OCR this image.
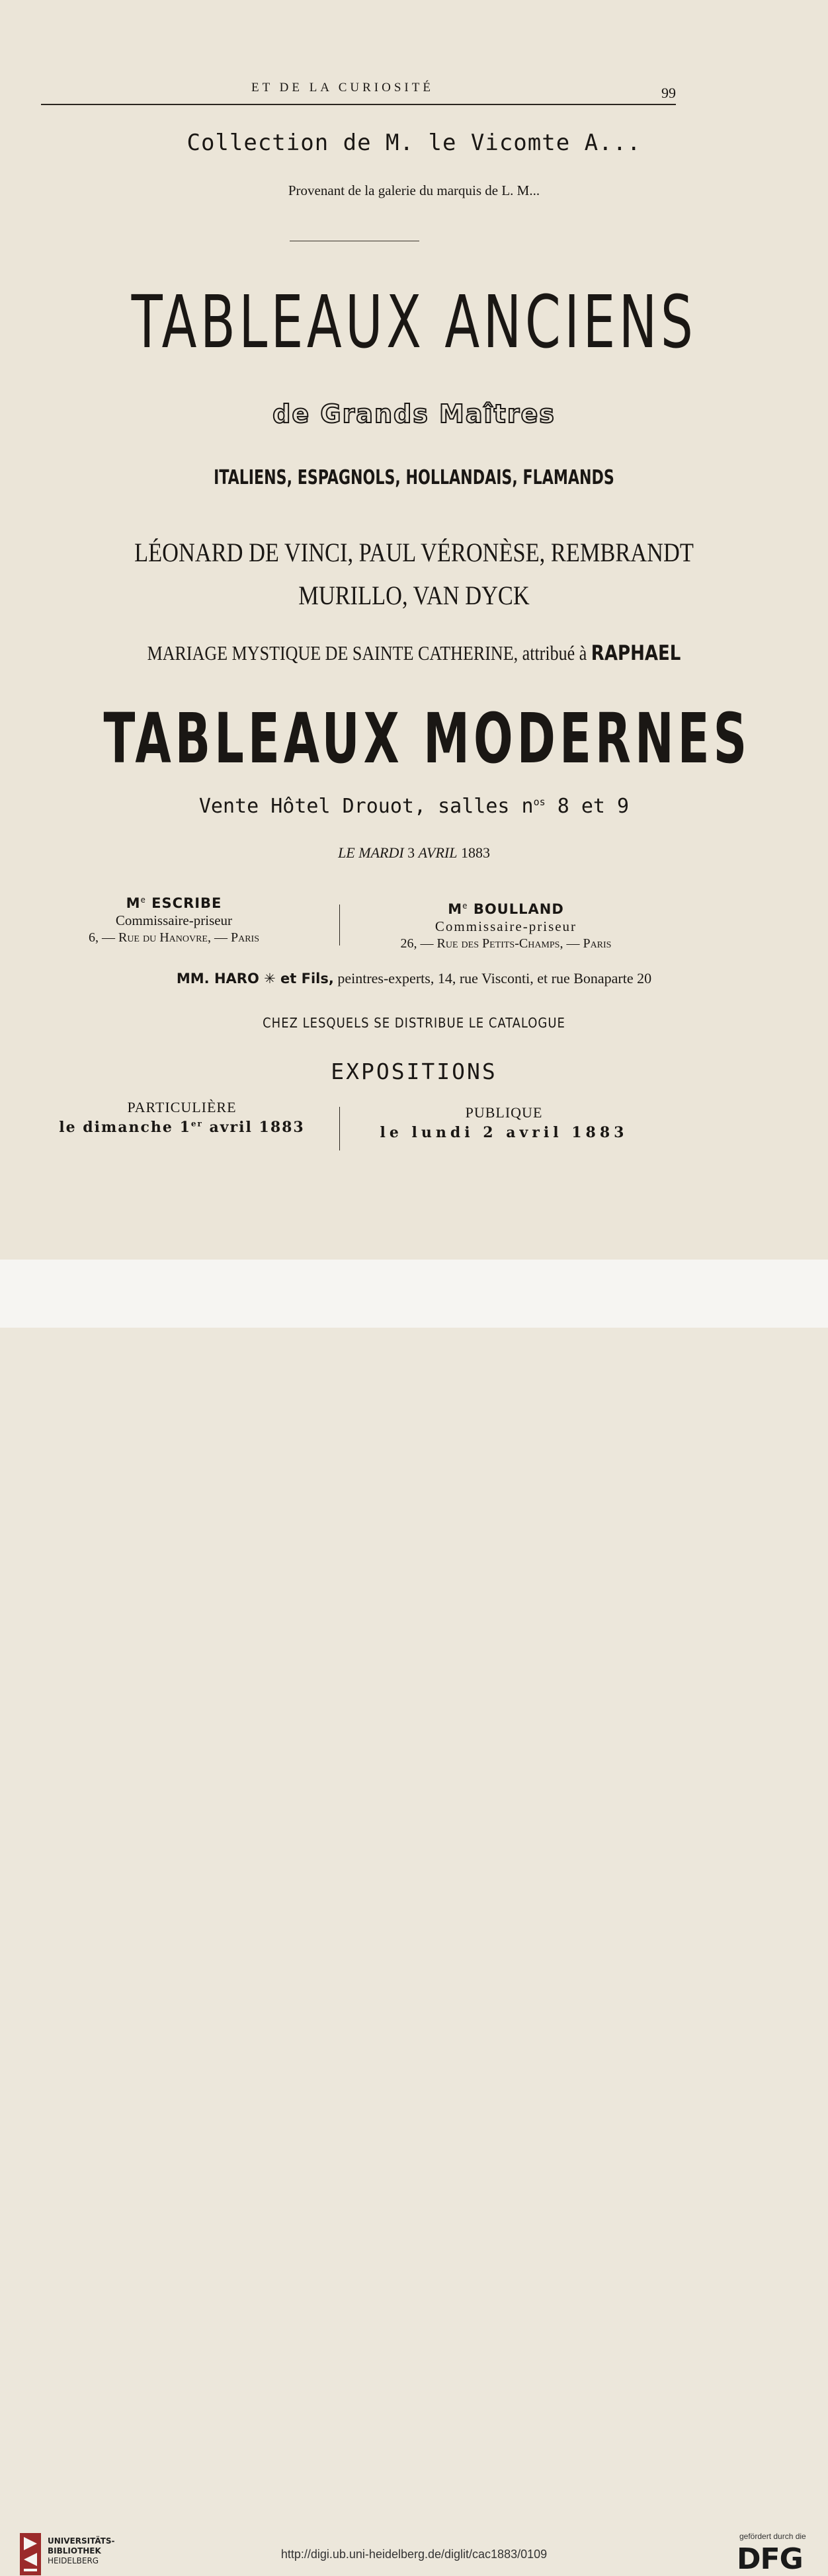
ET DE LA CURIOSITÉ	99
Collection de M. le Vicomte A...
Provenant de la galerie du marquis de L. M...
TABLEAUX ANCIENS
de Grands Maîtres
ITALIENS, ESPAGNOLS, HOLLANDAIS, FLAMANDS
LÉONARD DE VINCI, PAUL VÉRONÈSE, REMBRANDT
MURILLO, VAN DYCK
MARIAGE MYSTIQUE DE SAINTE CATHERINE, attribué à RAPHAEL
TABLEAUX MODERNES
Vente Hôtel Drouot, salles $n^{os}$ 8 et 9
LE MARDI 3 AVRIL 1883
Me ESCRIBE
Commissaire-priseur
6, — Rue du Hanovre, — Paris
Me BOULLAND
Commissaire-priseur
26, — Rue des Petits-Champs, — Paris
MM. HARO ✳ et Fils, peintres-experts, 14, rue Visconti, et rue Bonaparte 20
CHEZ LESQUELS SE DISTRIBUE LE CATALOGUE
EXPOSITIONS
PARTICULIÈRE
le dimanche 1er avril 1883
PUBLIQUE
le lundi 2 avril 1883
UNIVERSITÄTS-
BIBLIOTHEK
HEIDELBERG	http://digi.ub.uni-heidelberg.de/diglit/cac1883/0109
gefördert durch die
DFG
